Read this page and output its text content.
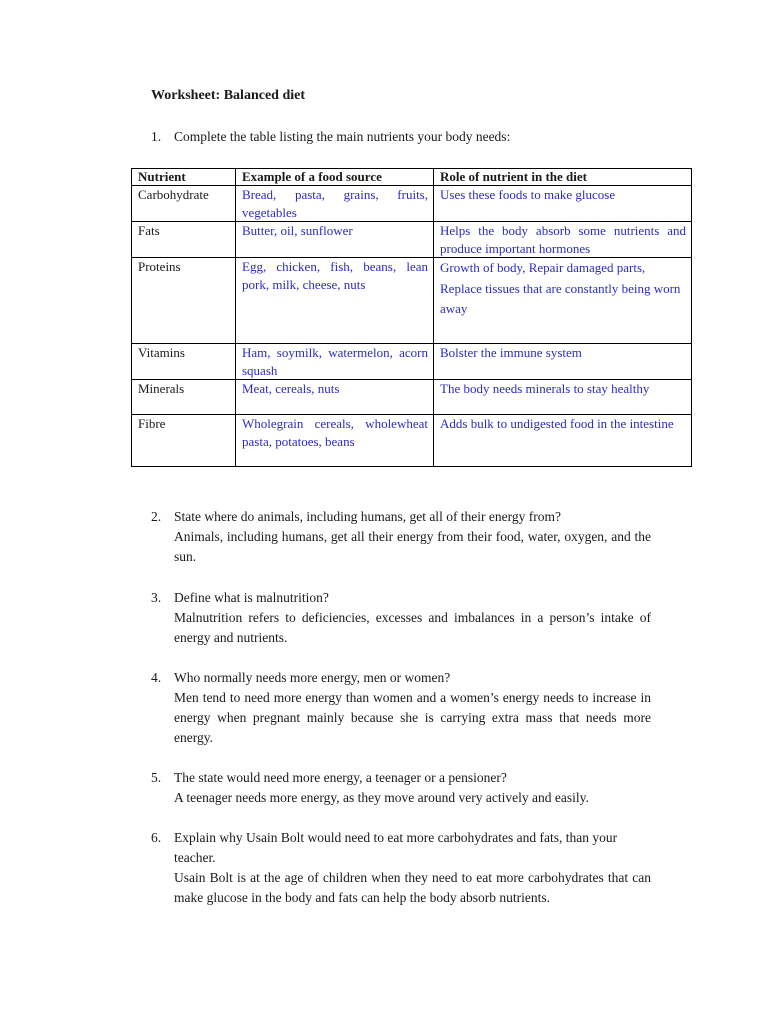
Worksheet: Balanced diet
1. Complete the table listing the main nutrients your body needs:
Nutrient	Example of a food source	Role of nutrient in the diet
Carbohydrate	Bread, pasta, grains, fruits, vegetables	Uses these foods to make glucose
Fats	Butter, oil, sunflower	Helps the body absorb some nutrients and produce important hormones
Proteins	Egg, chicken, fish, beans, lean pork, milk, cheese, nuts	Growth of body, Repair damaged parts, Replace tissues that are constantly being worn away
Vitamins	Ham, soymilk, watermelon, acorn squash	Bolster the immune system
Minerals	Meat, cereals, nuts	The body needs minerals to stay healthy
Fibre	Wholegrain cereals, wholewheat pasta, potatoes, beans	Adds bulk to undigested food in the intestine
2. State where do animals, including humans, get all of their energy from?
Animals, including humans, get all their energy from their food, water, oxygen, and the sun.
3. Define what is malnutrition?
Malnutrition refers to deficiencies, excesses and imbalances in a person’s intake of energy and nutrients.
4. Who normally needs more energy, men or women?
Men tend to need more energy than women and a women’s energy needs to increase in energy when pregnant mainly because she is carrying extra mass that needs more energy.
5. The state would need more energy, a teenager or a pensioner?
A teenager needs more energy, as they move around very actively and easily.
6. Explain why Usain Bolt would need to eat more carbohydrates and fats, than your teacher.
Usain Bolt is at the age of children when they need to eat more carbohydrates that can make glucose in the body and fats can help the body absorb nutrients.
